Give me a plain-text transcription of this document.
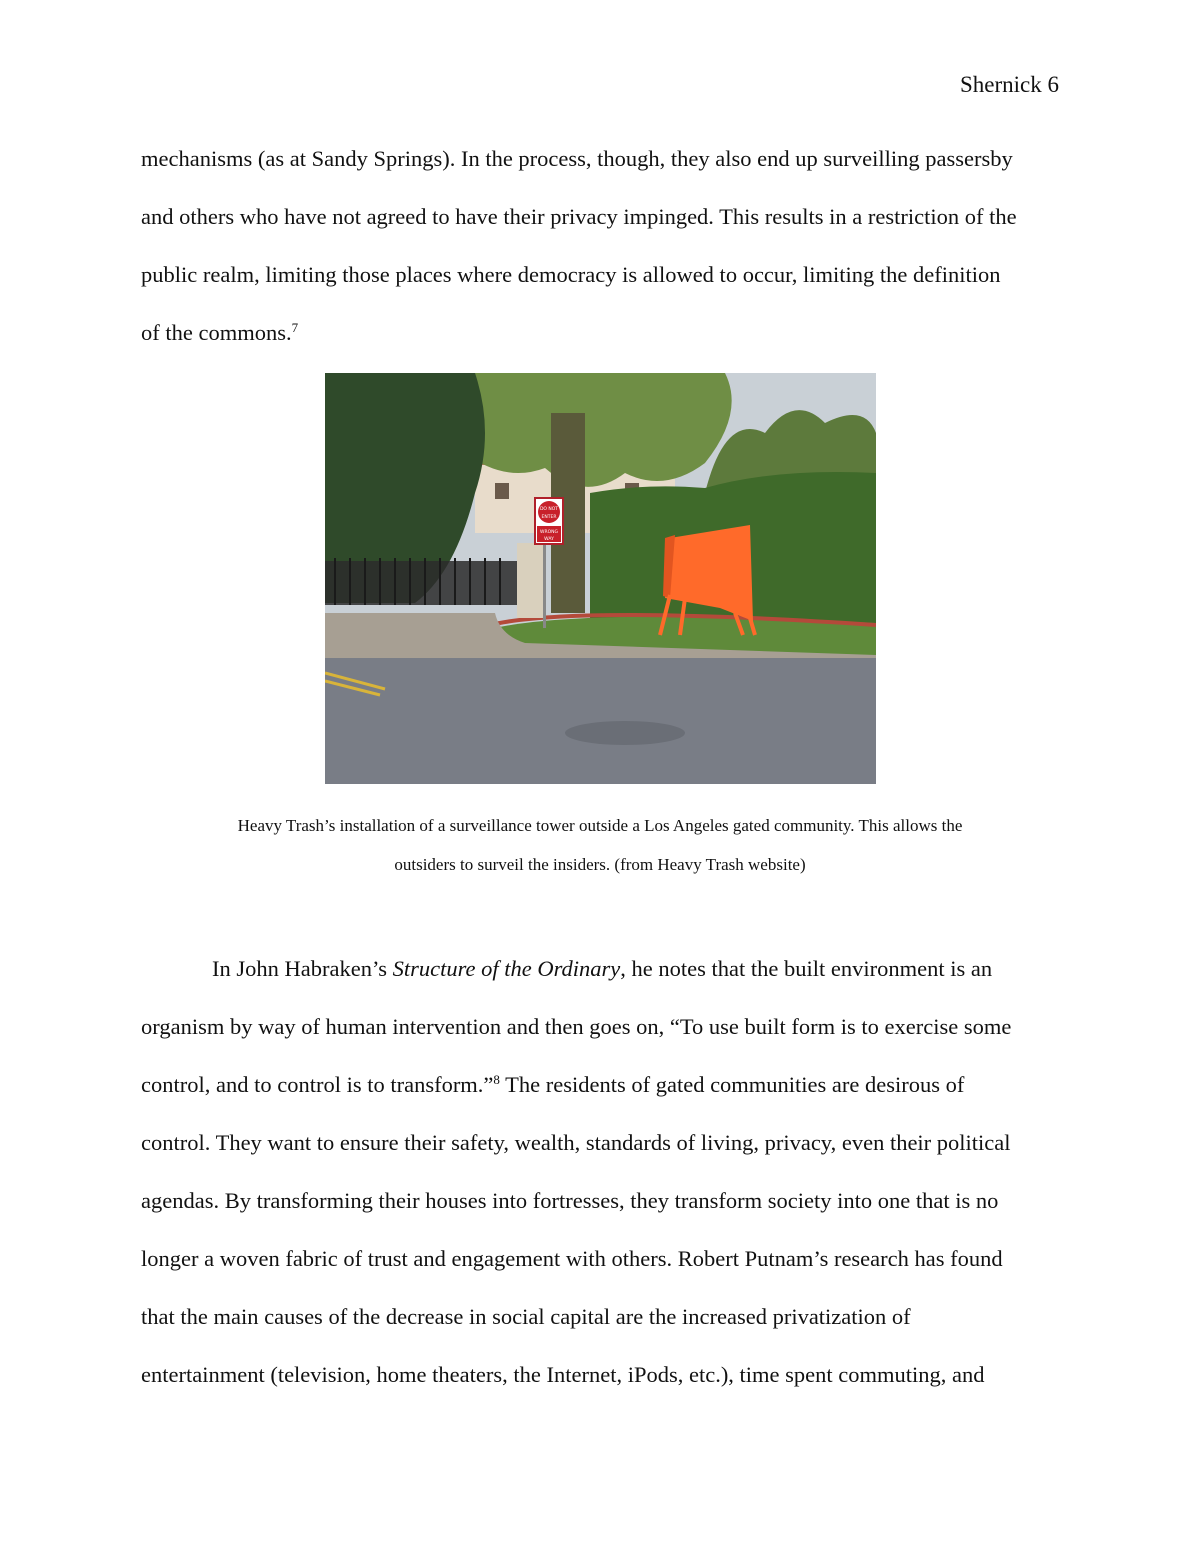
Shernick 6
mechanisms (as at Sandy Springs). In the process, though, they also end up surveilling passersby
and others who have not agreed to have their privacy impinged. This results in a restriction of the
public realm, limiting those places where democracy is allowed to occur, limiting the definition
of the commons.$^7$
DO NOT
ENTER
WRONG
WAY
Heavy Trash’s installation of a surveillance tower outside a Los Angeles gated community. This allows the
outsiders to surveil the insiders. (from Heavy Trash website)
In John Habraken’s Structure of the Ordinary, he notes that the built environment is an
organism by way of human intervention and then goes on, “To use built form is to exercise some
control, and to control is to transform.”$^8$ The residents of gated communities are desirous of
control. They want to ensure their safety, wealth, standards of living, privacy, even their political
agendas. By transforming their houses into fortresses, they transform society into one that is no
longer a woven fabric of trust and engagement with others. Robert Putnam’s research has found
that the main causes of the decrease in social capital are the increased privatization of
entertainment (television, home theaters, the Internet, iPods, etc.), time spent commuting, and
